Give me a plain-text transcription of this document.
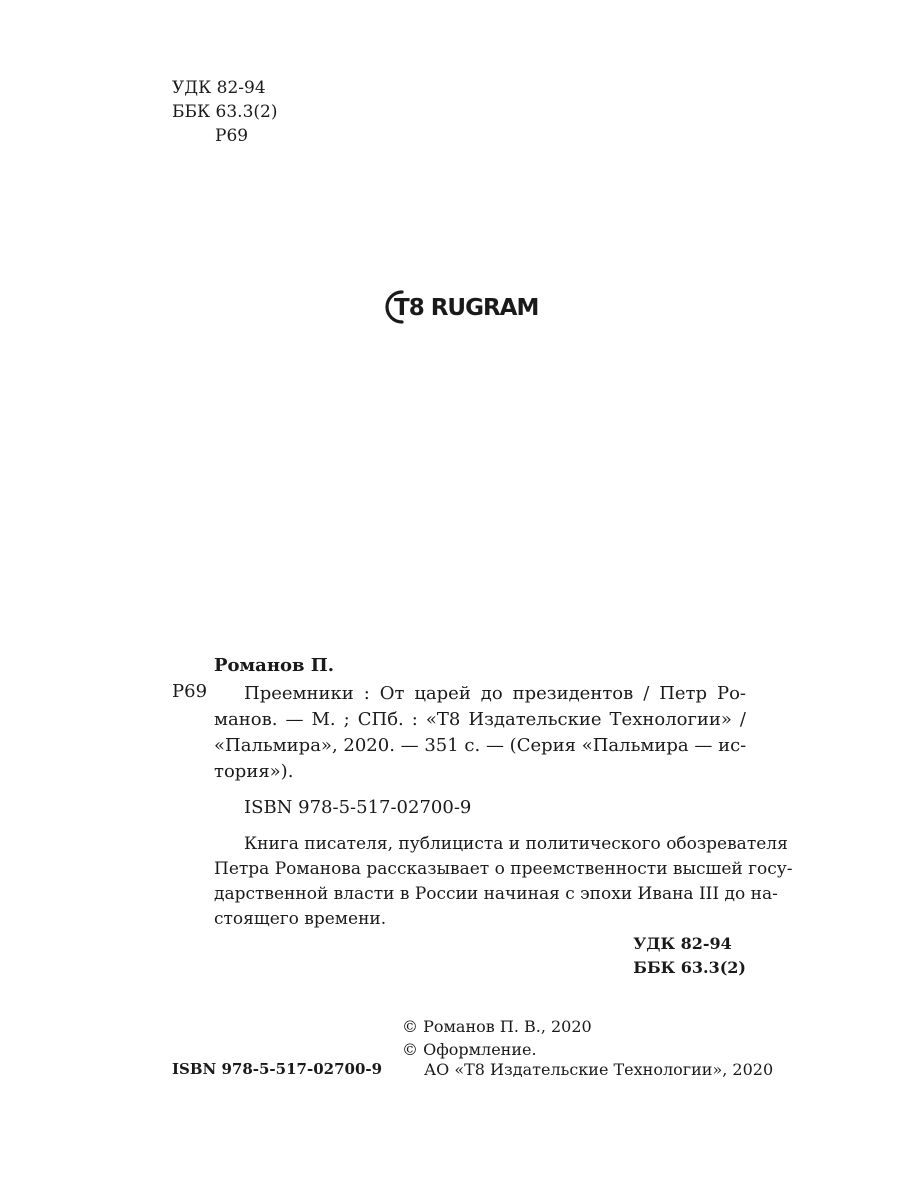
УДК 82-94
ББК 63.3(2)
Р69
T8 RUGRAM
Романов П.
Р69	Преемники : От царей до президентов / Петр Ро-
манов. — М. ; СПб. : «Т8 Издательские Технологии» /
«Пальмира», 2020. — 351 с. — (Серия «Пальмира — ис-
тория»).
ISBN 978-5-517-02700-9
Книга писателя, публициста и политического обозревателя
Петра Романова рассказывает о преемственности высшей госу-
дарственной власти в России начиная с эпохи Ивана III до на-
стоящего времени.
УДК 82-94
ББК 63.3(2)
© Романов П. В., 2020
© Оформление.
АО «Т8 Издательские Технологии», 2020
ISBN 978-5-517-02700-9
